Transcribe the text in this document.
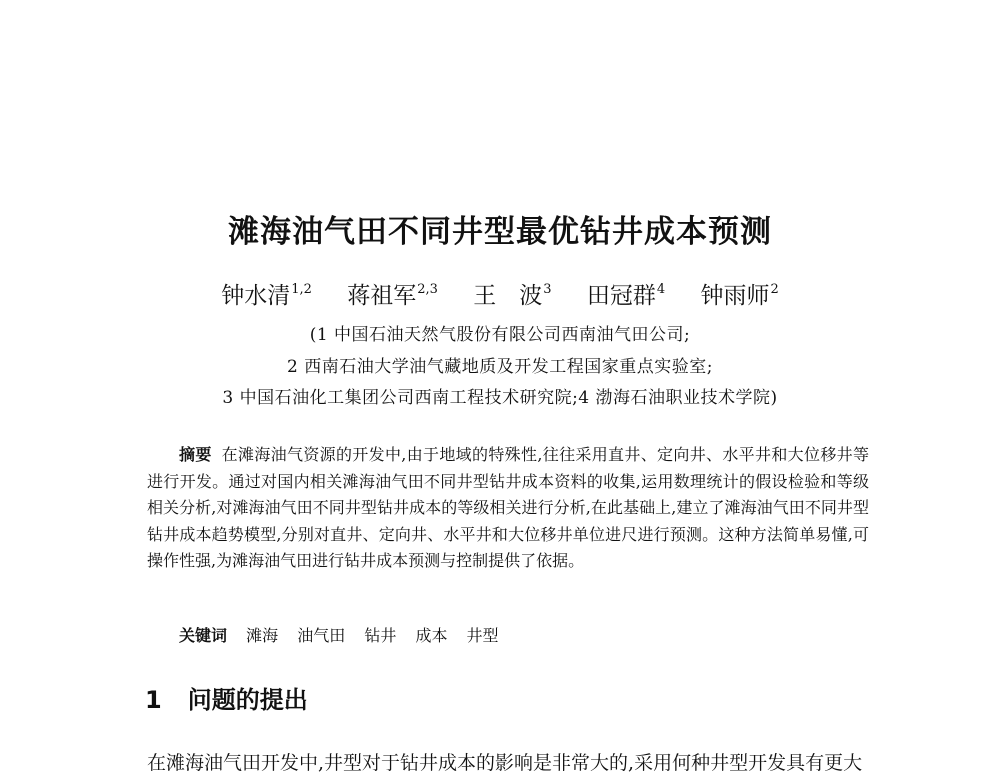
滩海油气田不同井型最优钻井成本预测
钟水清$^{1,2}$ 蒋祖军$^{2,3}$ 王　波$^3$ 田冠群$^4$ 钟雨师$^2$
(1 中国石油天然气股份有限公司西南油气田公司;
2 西南石油大学油气藏地质及开发工程国家重点实验室;
3 中国石油化工集团公司西南工程技术研究院;4 渤海石油职业技术学院)

摘要 在滩海油气资源的开发中,由于地域的特殊性,往往采用直井、定向井、水平井和大位移井等进行开发。通过对国内相关滩海油气田不同井型钻井成本资料的收集,运用数理统计的假设检验和等级相关分析,对滩海油气田不同井型钻井成本的等级相关进行分析,在此基础上,建立了滩海油气田不同井型钻井成本趋势模型,分别对直井、定向井、水平井和大位移井单位进尺进行预测。这种方法简单易懂,可操作性强,为滩海油气田进行钻井成本预测与控制提供了依据。

关键词 滩海 油气田 钻井 成本 井型
1 问题的提出

在滩海油气田开发中,井型对于钻井成本的影响是非常大的,采用何种井型开发具有更大
